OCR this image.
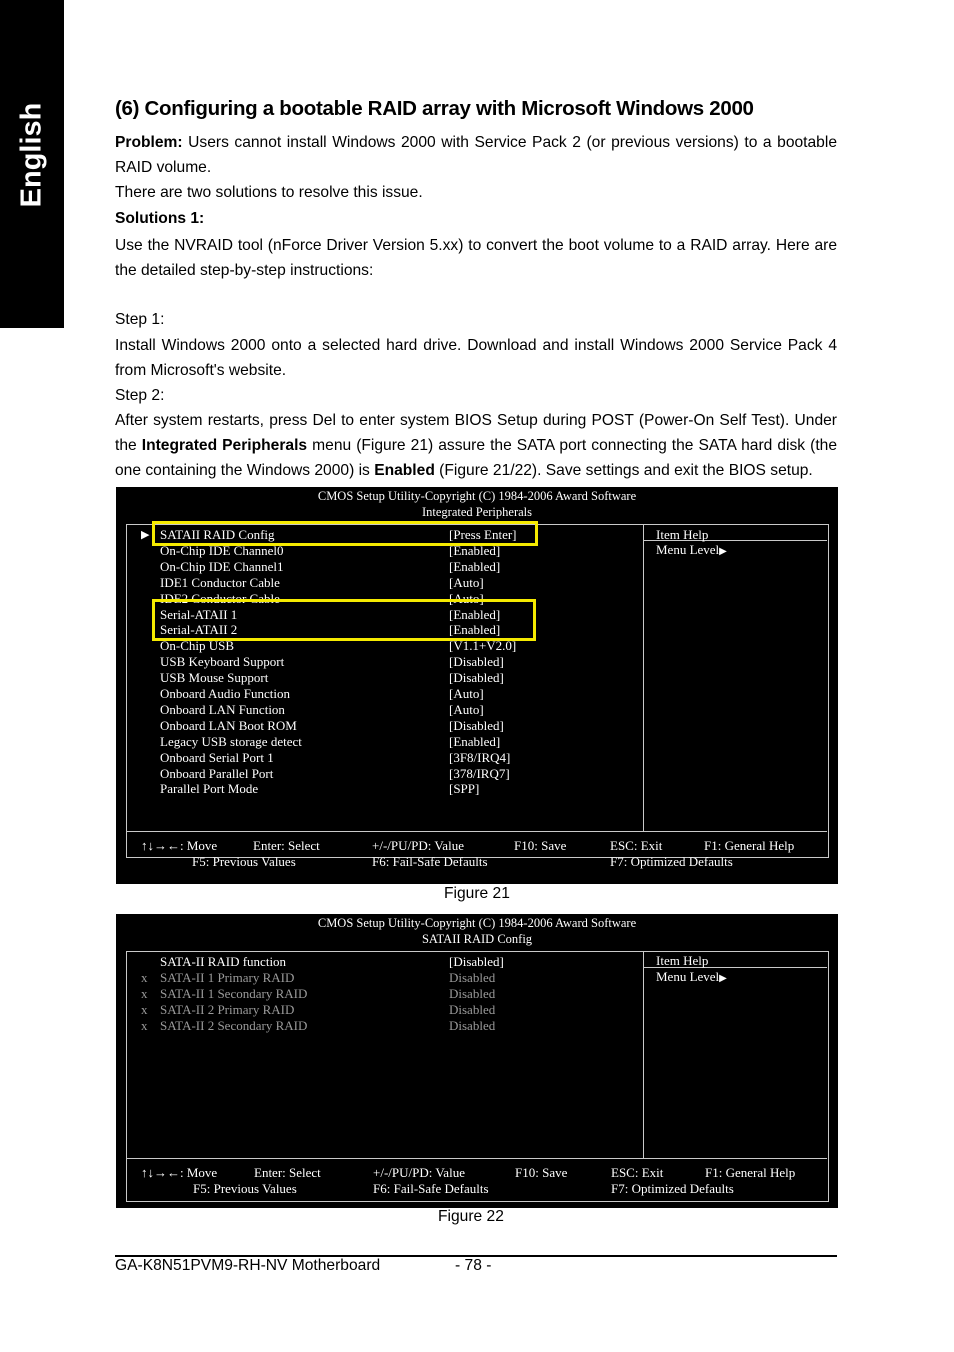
English	(6) Configuring a bootable RAID array with Microsoft Windows 2000
Problem: Users cannot install Windows 2000 with Service Pack 2 (or previous versions) to a bootable RAID volume.
There are two solutions to resolve this issue.
Solutions 1:
Use the NVRAID tool (nForce Driver Version 5.xx) to convert the boot volume to a RAID array. Here are the detailed step-by-step instructions:
Step 1:
Install Windows 2000 onto a selected hard drive. Download and install Windows 2000 Service Pack 4 from Microsoft's website.
Step 2:
After system restarts, press Del to enter system BIOS Setup during POST (Power-On Self Test). Under the Integrated Peripherals menu (Figure 21) assure the SATA port connecting the SATA hard disk (the one containing the Windows 2000) is Enabled (Figure 21/22). Save settings and exit the BIOS setup.
CMOS Setup Utility-Copyright (C) 1984-2006 Award Software
Integrated Peripherals
▶ SATAII RAID Config	[Press Enter]
On-Chip IDE Channel0	[Enabled]
On-Chip IDE Channel1	[Enabled]
IDE1 Conductor Cable	[Auto]
IDE2 Conductor Cable	[Auto]
Serial-ATAII 1	[Enabled]
Serial-ATAII 2	[Enabled]
On-Chip USB	[V1.1+V2.0]
USB Keyboard Support	[Disabled]
USB Mouse Support	[Disabled]
Onboard Audio Function	[Auto]
Onboard LAN Function	[Auto]
Onboard LAN Boot ROM	[Disabled]
Legacy USB storage detect	[Enabled]
Onboard Serial Port 1	[3F8/IRQ4]
Onboard Parallel Port	[378/IRQ7]
Parallel Port Mode	[SPP]
Item Help
Menu Level▶
↑↓→←: Move	Enter: Select	+/-/PU/PD: Value	F10: Save	ESC: Exit	F1: General Help
F5: Previous Values	F6: Fail-Safe Defaults	F7: Optimized Defaults
Figure 21
CMOS Setup Utility-Copyright (C) 1984-2006 Award Software
SATAII RAID Config
SATA-II RAID function	[Disabled]
x SATA-II 1 Primary RAID	Disabled
x SATA-II 1 Secondary RAID	Disabled
x SATA-II 2 Primary RAID	Disabled
x SATA-II 2 Secondary RAID	Disabled
Item Help
Menu Level▶
↑↓→←: Move	Enter: Select	+/-/PU/PD: Value	F10: Save	ESC: Exit	F1: General Help
F5: Previous Values	F6: Fail-Safe Defaults	F7: Optimized Defaults
Figure 22
GA-K8N51PVM9-RH-NV Motherboard	- 78 -
